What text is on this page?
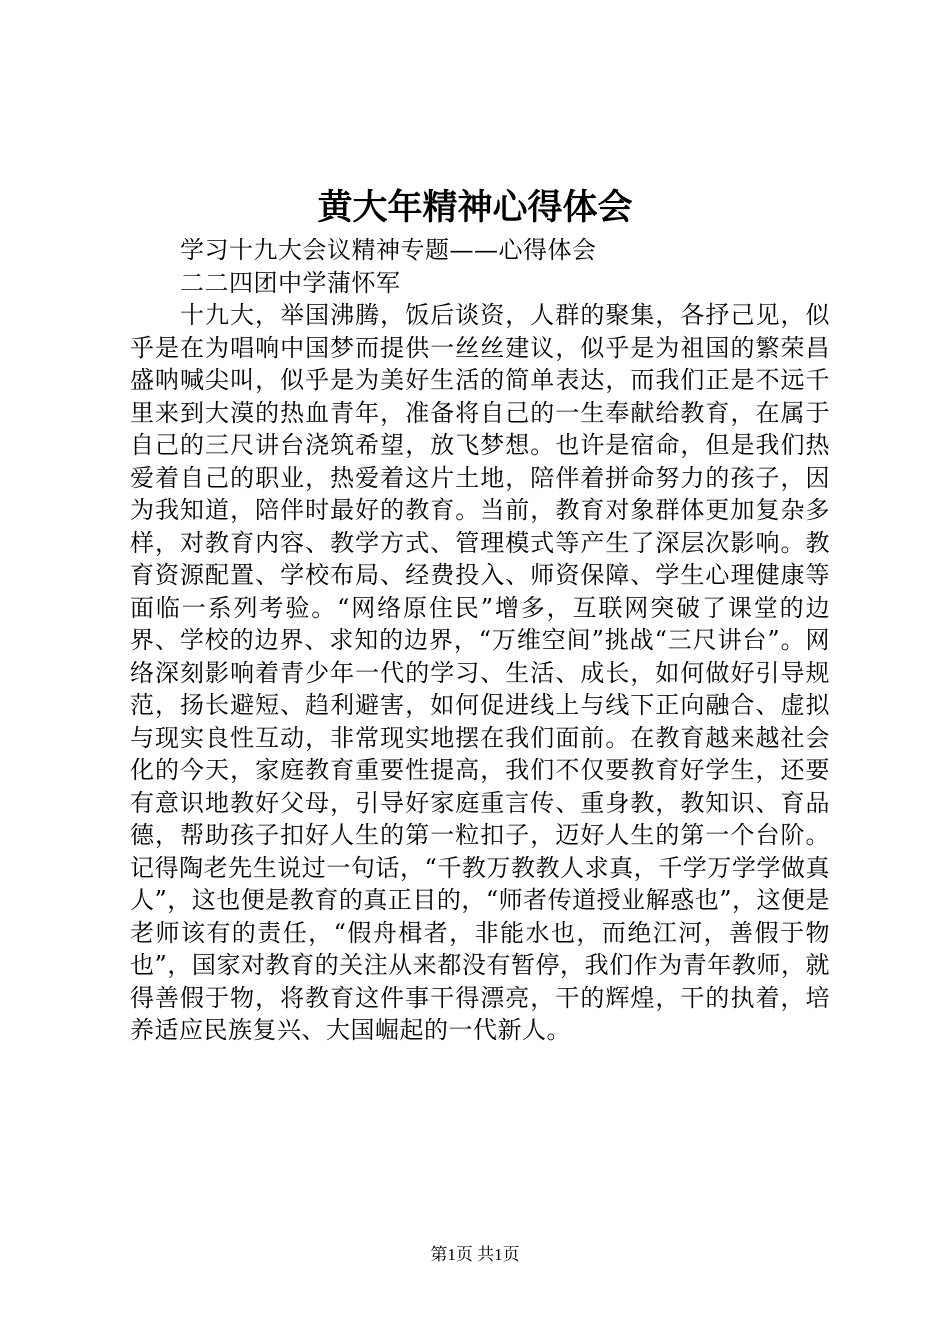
黄大年精神心得体会

学习十九大会议精神专题——心得体会

二二四团中学蒲怀军

十九大，举国沸腾，饭后谈资，人群的聚集，各抒己见，似乎是在为唱响中国梦而提供一丝丝建议，似乎是为祖国的繁荣昌盛呐喊尖叫，似乎是为美好生活的简单表达，而我们正是不远千里来到大漠的热血青年，准备将自己的一生奉献给教育，在属于自己的三尺讲台浇筑希望，放飞梦想。也许是宿命，但是我们热爱着自己的职业，热爱着这片土地，陪伴着拼命努力的孩子，因为我知道，陪伴时最好的教育。当前，教育对象群体更加复杂多样，对教育内容、教学方式、管理模式等产生了深层次影响。教育资源配置、学校布局、经费投入、师资保障、学生心理健康等面临一系列考验。“网络原住民”增多，互联网突破了课堂的边界、学校的边界、求知的边界，“万维空间”挑战“三尺讲台”。网络深刻影响着青少年一代的学习、生活、成长，如何做好引导规范，扬长避短、趋利避害，如何促进线上与线下正向融合、虚拟与现实良性互动，非常现实地摆在我们面前。在教育越来越社会化的今天，家庭教育重要性提高，我们不仅要教育好学生，还要有意识地教好父母，引导好家庭重言传、重身教，教知识、育品德，帮助孩子扣好人生的第一粒扣子，迈好人生的第一个台阶。记得陶老先生说过一句话，“千教万教教人求真，千学万学学做真人”，这也便是教育的真正目的，“师者传道授业解惑也”，这便是老师该有的责任，“假舟楫者，非能水也，而绝江河，善假于物也”，国家对教育的关注从来都没有暂停，我们作为青年教师，就得善假于物，将教育这件事干得漂亮，干的辉煌，干的执着，培养适应民族复兴、大国崛起的一代新人。

第1页 共1页
